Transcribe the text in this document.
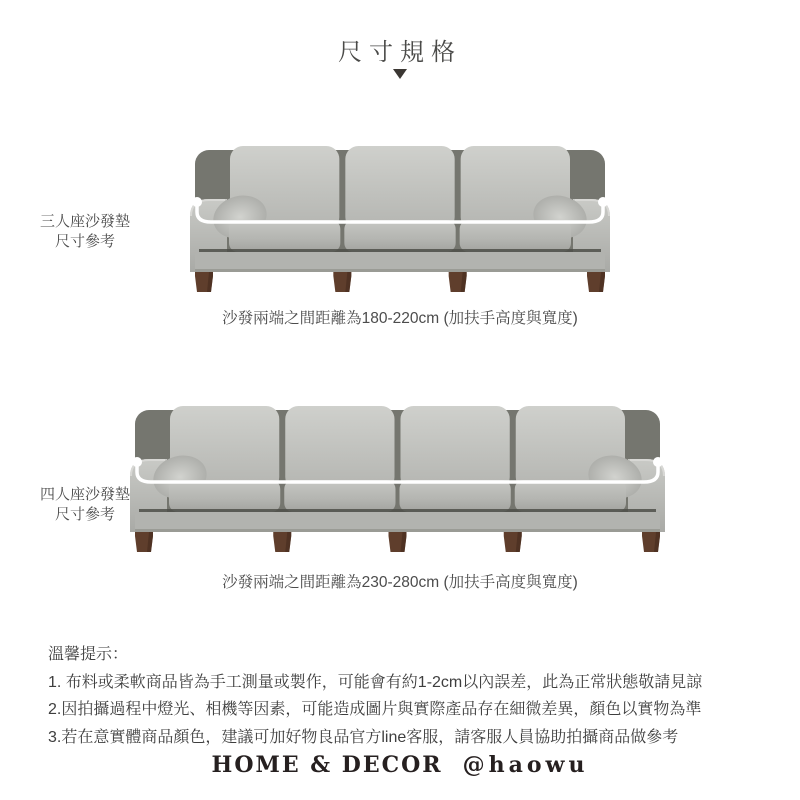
尺寸規格
三人座沙發墊
尺寸參考
沙發兩端之間距離為180-220cm (加扶手高度與寬度)
四人座沙發墊
尺寸參考
沙發兩端之間距離為230-280cm (加扶手高度與寬度)
溫馨提示：
1. 布料或柔軟商品皆為手工測量或製作，可能會有約1-2cm以內誤差，此為正常狀態敬請見諒
2.因拍攝過程中燈光、相機等因素，可能造成圖片與實際產品存在細微差異，顏色以實物為準
3.若在意實體商品顏色，建議可加好物良品官方line客服，請客服人員協助拍攝商品做參考
HOME & DECOR @haowu
